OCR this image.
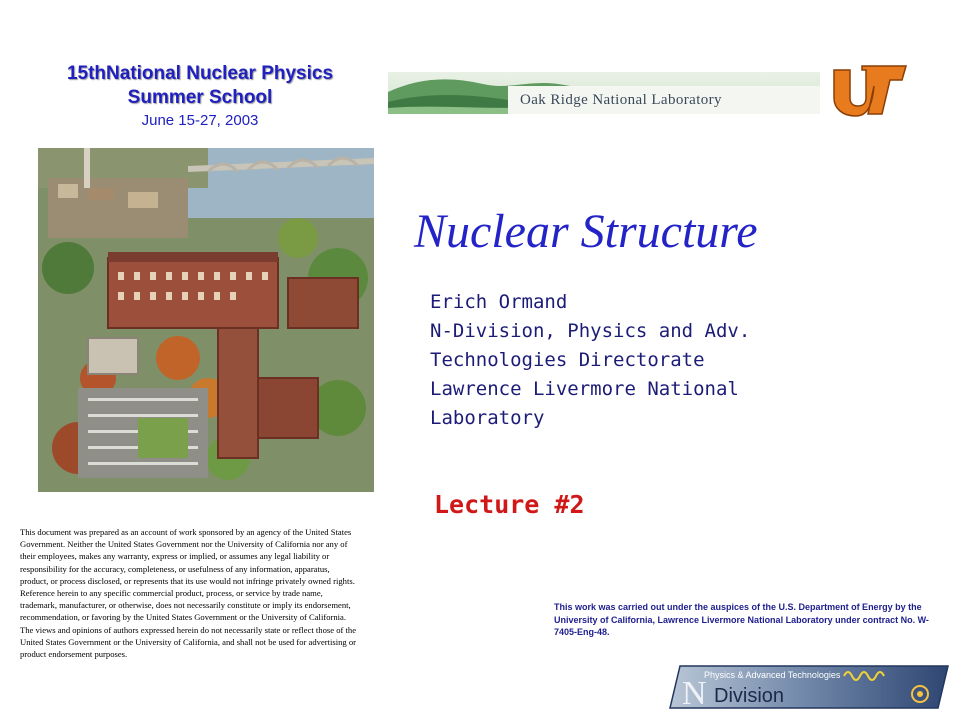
15thNational Nuclear Physics
Summer School
June 15-27, 2003
Oak Ridge National Laboratory
Nuclear Structure
Erich Ormand
N-Division, Physics and Adv.
Technologies Directorate
Lawrence Livermore National
Laboratory
Lecture #2
This document was prepared as an account of work sponsored by an agency of the United States Government. Neither the United States Government nor the University of California nor any of their employees, makes any warranty, express or implied, or assumes any legal liability or responsibility for the accuracy, completeness, or usefulness of any information, apparatus, product, or process disclosed, or represents that its use would not infringe privately owned rights. Reference herein to any specific commercial product, process, or service by trade name, trademark, manufacturer, or otherwise, does not necessarily constitute or imply its endorsement, recommendation, or favoring by the United States Government or the University of California. The views and opinions of authors expressed herein do not necessarily state or reflect those of the United States Government or the University of California, and shall not be used for advertising or product endorsement purposes.
This work was carried out under the auspices of the U.S. Department of Energy by the University of California, Lawrence Livermore National Laboratory under contract No. W-7405-Eng-48.
Physics & Advanced Technologies
N Division
